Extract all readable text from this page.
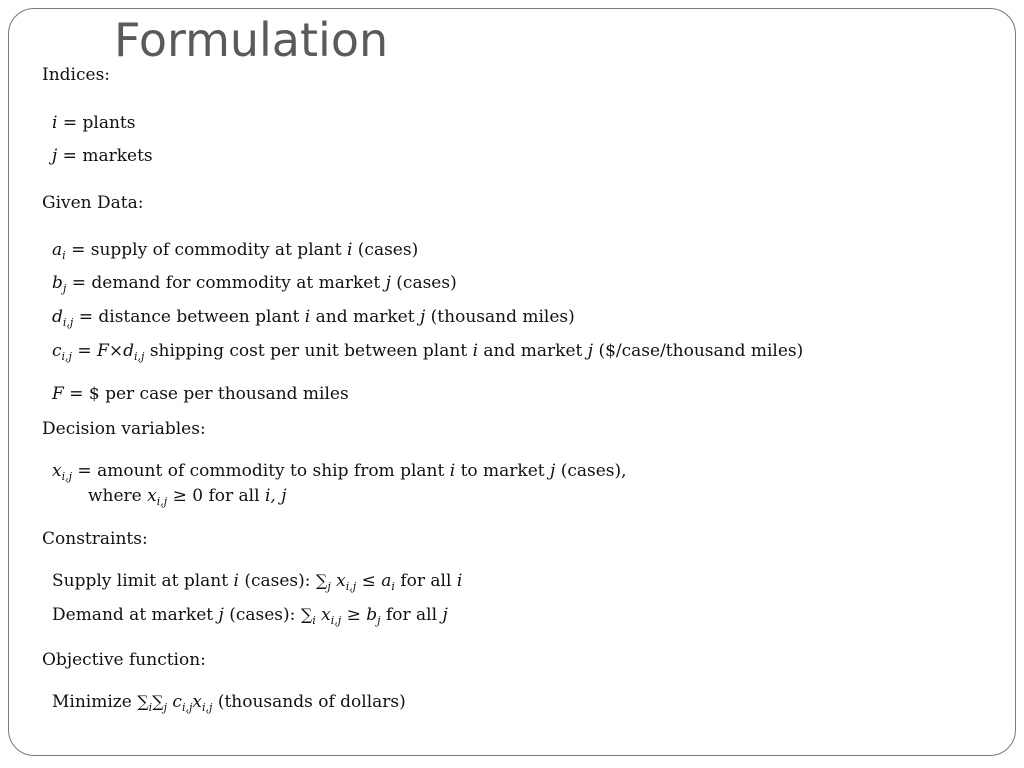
Formulation
Indices:
i = plants
j = markets
Given Data:
$a_i$ = supply of commodity at plant i (cases)
$b_j$ = demand for commodity at market j (cases)
$d_{i,j}$ = distance between plant i and market j (thousand miles)
$c_{i,j} = F\times d_{i,j}$ shipping cost per unit between plant i and market j ($/case/thousand miles)
F = $ per case per thousand miles
Decision variables:
$x_{i,j}$ = amount of commodity to ship from plant i to market j (cases),
where $x_{i,j} \ge 0$ for all i, j
Constraints:
Supply limit at plant i (cases): $\sum_j$ $x_{i,j} \le a_i$ for all i
Demand at market j (cases): $\sum_i$ $x_{i,j} \ge b_j$ for all j
Objective function:
Minimize $\sum_i\sum_j$ $c_{i,j}x_{i,j}$ (thousands of dollars)
